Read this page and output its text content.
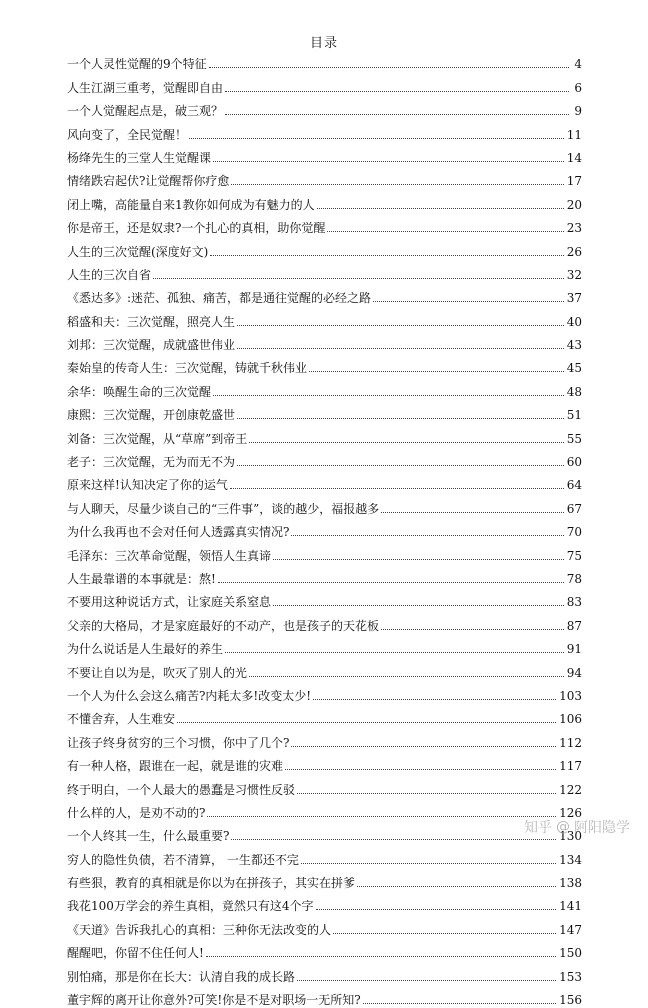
目录
一个人灵性觉醒的9个特征	4
人生江湖三重考，觉醒即自由	6
一个人觉醒起点是，破三观？	9
风向变了，全民觉醒！	11
杨绛先生的三堂人生觉醒课	14
情绪跌宕起伏?让觉醒帮你疗愈	17
闭上嘴，高能量自来1教你如何成为有魅力的人	20
你是帝王，还是奴隶?一个扎心的真相，助你觉醒	23
人生的三次觉醒(深度好文)	26
人生的三次自省	32
《悉达多》:迷茫、孤独、痛苦，都是通往觉醒的必经之路	37
稻盛和夫：三次觉醒，照亮人生	40
刘邦：三次觉醒，成就盛世伟业	43
秦始皇的传奇人生：三次觉醒，铸就千秋伟业	45
余华：唤醒生命的三次觉醒	48
康熙：三次觉醒，开创康乾盛世	51
刘备：三次觉醒，从“草席”到帝王	55
老子：三次觉醒，无为而无不为	60
原来这样!认知决定了你的运气	64
与人聊天，尽量少谈自己的“三件事”，谈的越少，福报越多	67
为什么我再也不会对任何人透露真实情况?	70
毛泽东：三次革命觉醒，领悟人生真谛	75
人生最靠谱的本事就是：熬!	78
不要用这种说话方式，让家庭关系窒息	83
父亲的大格局，才是家庭最好的不动产，也是孩子的天花板	87
为什么说话是人生最好的养生	91
不要让自以为是，吹灭了别人的光	94
一个人为什么会这么痛苦?内耗太多!改变太少!	103
不懂舍弃，人生难安	106
让孩子终身贫穷的三个习惯，你中了几个?	112
有一种人格，跟谁在一起，就是谁的灾难	117
终于明白，一个人最大的愚蠢是习惯性反驳	122
什么样的人，是劝不动的?	126
一个人终其一生，什么最重要?	130
穷人的隐性负债，若不清算， 一生都还不完	134
有些狠，教育的真相就是你以为在拼孩子，其实在拼爹	138
我花100万学会的养生真相，竟然只有这4个字	141
《天道》告诉我扎心的真相：三种你无法改变的人	147
醒醒吧，你留不住任何人!	150
别怕痛，那是你在长大：认清自我的成长路	153
董宇辉的离开让你意外?可笑!你是不是对职场一无所知?	156
知乎 @ 阿阳隐学
